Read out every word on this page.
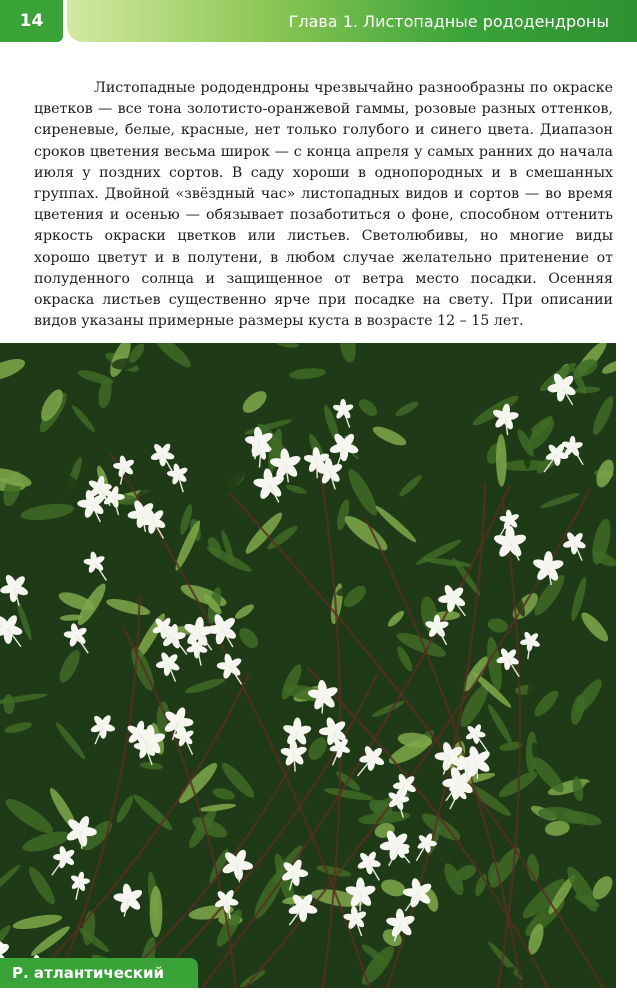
14	Глава 1. Листопадные рододендроны

Листопадные рододендроны чрезвычайно разнообразны по окраске цветков — все тона золотисто-оранжевой гаммы, розовые разных оттенков, сиреневые, белые, красные, нет только голубого и синего цвета. Диапазон сроков цветения весьма широк — с конца апреля у самых ранних до начала июля у поздних сортов. В саду хороши в однопородных и в смешанных группах. Двойной «звёздный час» листопадных видов и сортов — во время цветения и осенью — обязывает позаботиться о фоне, способном оттенить яркость окраски цветков или листьев. Светолюбивы, но многие виды хорошо цветут и в полутени, в любом случае желательно притенение от полуденного солнца и защищенное от ветра место посадки. Осенняя окраска листьев существенно ярче при посадке на свету. При описании видов указаны примерные размеры куста в возрасте 12 – 15 лет.

Р. атлантический
